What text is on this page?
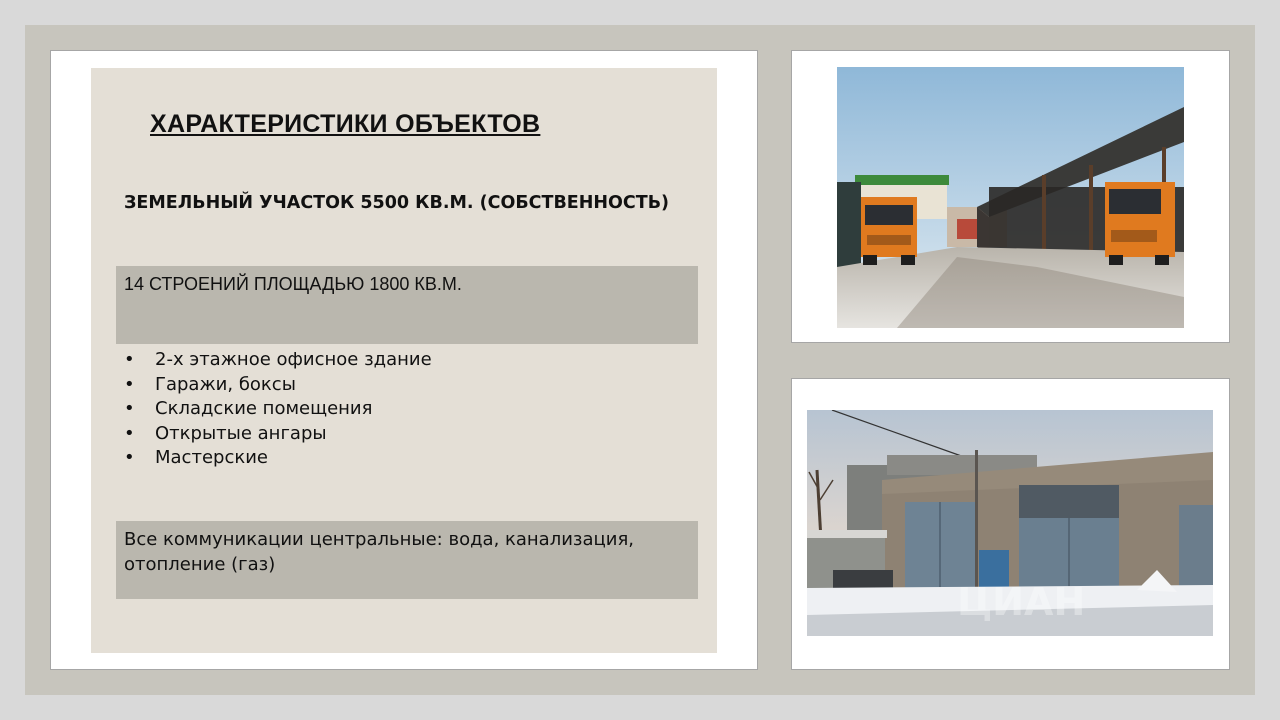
ХАРАКТЕРИСТИКИ ОБЪЕКТОВ
ЗЕМЕЛЬНЫЙ УЧАСТОК 5500 КВ.М. (СОБСТВЕННОСТЬ)
14 СТРОЕНИЙ ПЛОЩАДЬЮ 1800 КВ.М.
• 2-х этажное офисное здание
• Гаражи, боксы
• Складские помещения
• Открытые ангары
• Мастерские
Все коммуникации центральные: вода, канализация, отопление (газ)
ЦИАН
